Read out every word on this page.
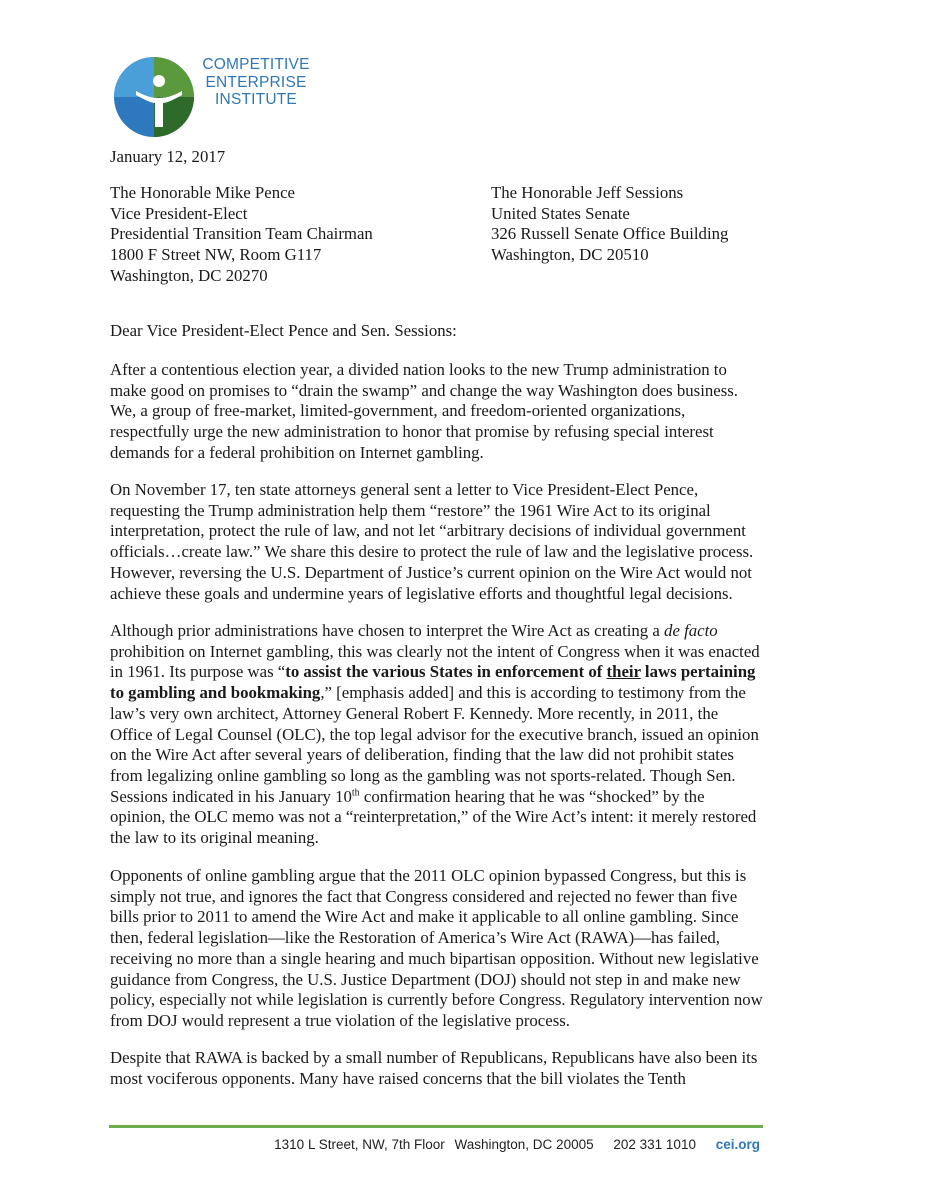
COMPETITIVE
ENTERPRISE
INSTITUTE
January 12, 2017
The Honorable Mike Pence
Vice President-Elect
Presidential Transition Team Chairman
1800 F Street NW, Room G117
Washington, DC 20270
The Honorable Jeff Sessions
United States Senate
326 Russell Senate Office Building
Washington, DC 20510
Dear Vice President-Elect Pence and Sen. Sessions:
After a contentious election year, a divided nation looks to the new Trump administration to
make good on promises to “drain the swamp” and change the way Washington does business.
We, a group of free-market, limited-government, and freedom-oriented organizations,
respectfully urge the new administration to honor that promise by refusing special interest
demands for a federal prohibition on Internet gambling.
On November 17, ten state attorneys general sent a letter to Vice President-Elect Pence,
requesting the Trump administration help them “restore” the 1961 Wire Act to its original
interpretation, protect the rule of law, and not let “arbitrary decisions of individual government
officials…create law.” We share this desire to protect the rule of law and the legislative process.
However, reversing the U.S. Department of Justice’s current opinion on the Wire Act would not
achieve these goals and undermine years of legislative efforts and thoughtful legal decisions.
Although prior administrations have chosen to interpret the Wire Act as creating a de facto
prohibition on Internet gambling, this was clearly not the intent of Congress when it was enacted
in 1961. Its purpose was “to assist the various States in enforcement of their laws pertaining
to gambling and bookmaking,” [emphasis added] and this is according to testimony from the
law’s very own architect, Attorney General Robert F. Kennedy. More recently, in 2011, the
Office of Legal Counsel (OLC), the top legal advisor for the executive branch, issued an opinion
on the Wire Act after several years of deliberation, finding that the law did not prohibit states
from legalizing online gambling so long as the gambling was not sports-related. Though Sen.
Sessions indicated in his January 10th confirmation hearing that he was “shocked” by the
opinion, the OLC memo was not a “reinterpretation,” of the Wire Act’s intent: it merely restored
the law to its original meaning.
Opponents of online gambling argue that the 2011 OLC opinion bypassed Congress, but this is
simply not true, and ignores the fact that Congress considered and rejected no fewer than five
bills prior to 2011 to amend the Wire Act and make it applicable to all online gambling. Since
then, federal legislation—like the Restoration of America’s Wire Act (RAWA)—has failed,
receiving no more than a single hearing and much bipartisan opposition. Without new legislative
guidance from Congress, the U.S. Justice Department (DOJ) should not step in and make new
policy, especially not while legislation is currently before Congress. Regulatory intervention now
from DOJ would represent a true violation of the legislative process.
Despite that RAWA is backed by a small number of Republicans, Republicans have also been its
most vociferous opponents. Many have raised concerns that the bill violates the Tenth
1310 L Street, NW, 7th Floor Washington, DC 20005 202 331 1010 cei.org
